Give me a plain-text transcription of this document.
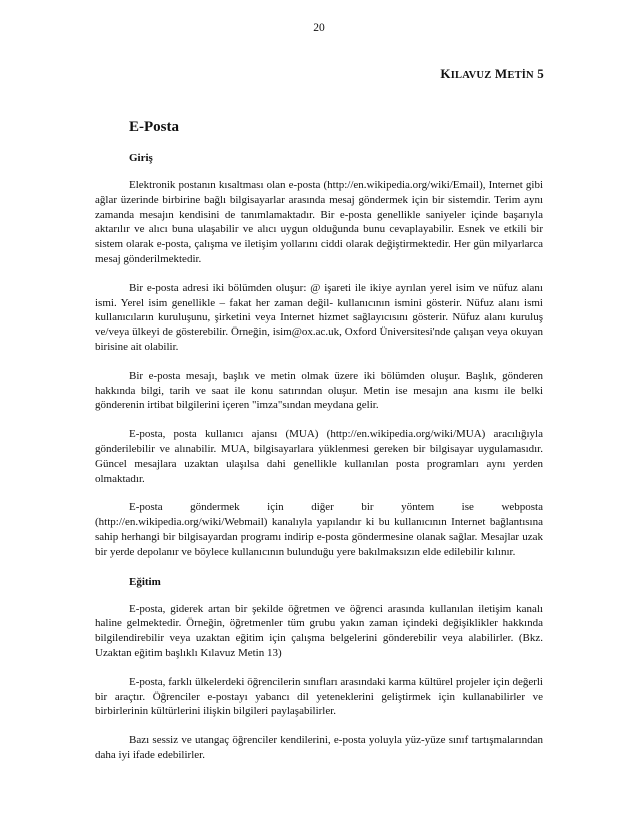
20
KILAVUZ METİN 5
E-Posta
Giriş

Elektronik postanın kısaltması olan e-posta (http://en.wikipedia.org/wiki/Email), Internet gibi ağlar üzerinde birbirine bağlı bilgisayarlar arasında mesaj göndermek için bir sistemdir. Terim aynı zamanda mesajın kendisini de tanımlamaktadır. Bir e-posta genellikle saniyeler içinde başarıyla aktarılır ve alıcı buna ulaşabilir ve alıcı uygun olduğunda bunu cevaplayabilir. Esnek ve etkili bir sistem olarak e-posta, çalışma ve iletişim yollarını ciddi olarak değiştirmektedir. Her gün milyarlarca mesaj gönderilmektedir.

Bir e-posta adresi iki bölümden oluşur: @ işareti ile ikiye ayrılan yerel isim ve nüfuz alanı ismi. Yerel isim genellikle – fakat her zaman değil- kullanıcının ismini gösterir. Nüfuz alanı ismi kullanıcıların kuruluşunu, şirketini veya Internet hizmet sağlayıcısını gösterir. Nüfuz alanı kuruluş ve/veya ülkeyi de gösterebilir. Örneğin, isim@ox.ac.uk, Oxford Üniversitesi'nde çalışan veya okuyan birisine ait olabilir.

Bir e-posta mesajı, başlık ve metin olmak üzere iki bölümden oluşur. Başlık, gönderen hakkında bilgi, tarih ve saat ile konu satırından oluşur. Metin ise mesajın ana kısmı ile belki gönderenin irtibat bilgilerini içeren "imza"sından meydana gelir.

E-posta, posta kullanıcı ajansı (MUA) (http://en.wikipedia.org/wiki/MUA) aracılığıyla gönderilebilir ve alınabilir. MUA, bilgisayarlara yüklenmesi gereken bir bilgisayar uygulamasıdır. Güncel mesajlara uzaktan ulaşılsa dahi genellikle kullanılan posta programları aynı yerden olmaktadır.

E-posta göndermek için diğer bir yöntem ise webposta (http://en.wikipedia.org/wiki/Webmail) kanalıyla yapılandır ki bu kullanıcının Internet bağlantısına sahip herhangi bir bilgisayardan programı indirip e-posta göndermesine olanak sağlar. Mesajlar uzak bir yerde depolanır ve böylece kullanıcının bulunduğu yere bakılmaksızın elde edilebilir kılınır.

Eğitim

E-posta, giderek artan bir şekilde öğretmen ve öğrenci arasında kullanılan iletişim kanalı haline gelmektedir. Örneğin, öğretmenler tüm grubu yakın zaman içindeki değişiklikler hakkında bilgilendirebilir veya uzaktan eğitim için çalışma belgelerini gönderebilir veya alabilirler. (Bkz. Uzaktan eğitim başlıklı Kılavuz Metin 13)

E-posta, farklı ülkelerdeki öğrencilerin sınıfları arasındaki karma kültürel projeler için değerli bir araçtır. Öğrenciler e-postayı yabancı dil yeteneklerini geliştirmek için kullanabilirler ve birbirlerinin kültürlerini ilişkin bilgileri paylaşabilirler.

Bazı sessiz ve utangaç öğrenciler kendilerini, e-posta yoluyla yüz-yüze sınıf tartışmalarından daha iyi ifade edebilirler.
